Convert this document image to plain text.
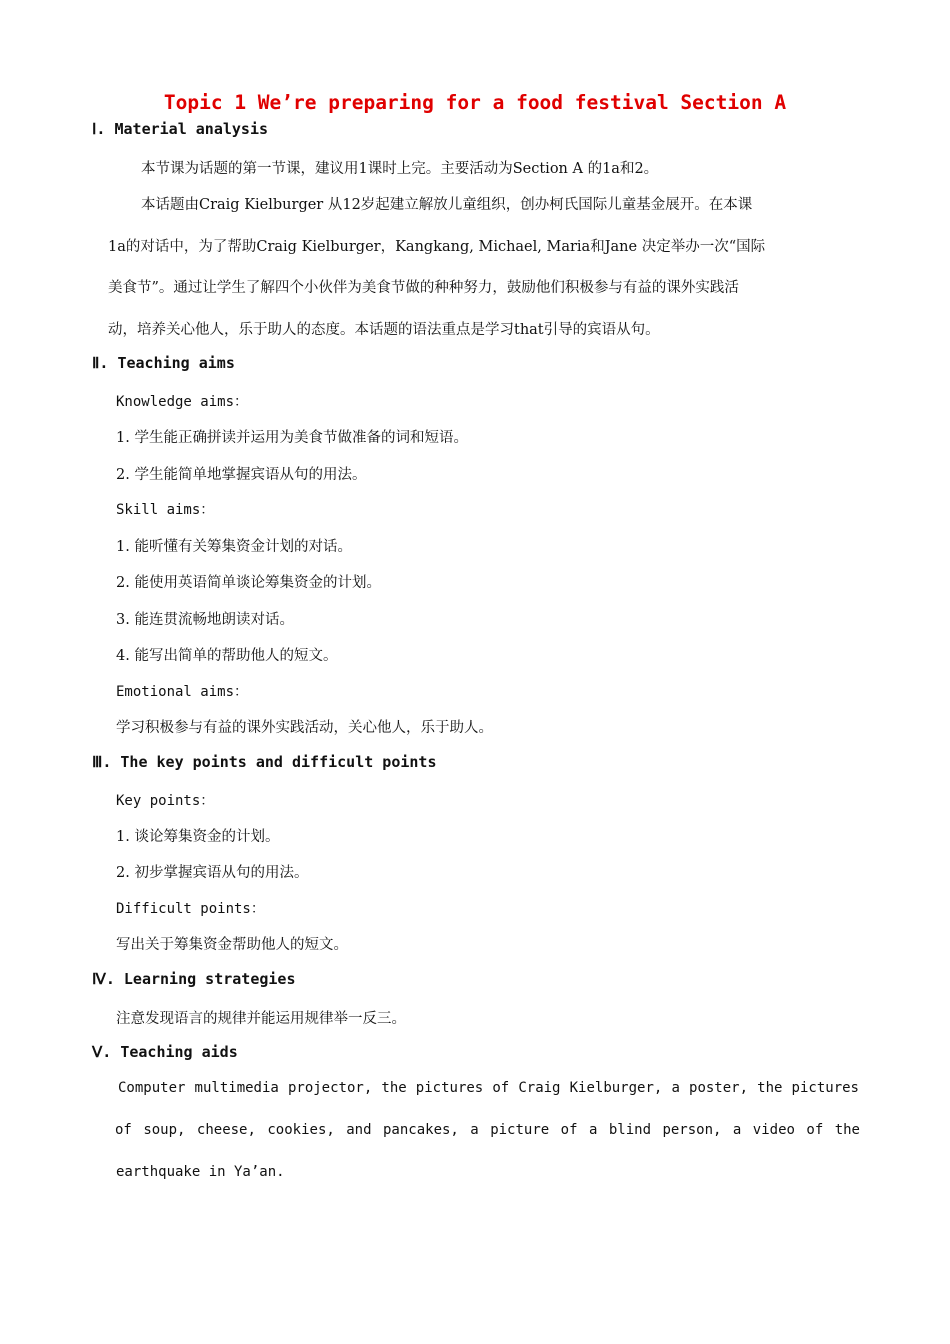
Topic 1 We’re preparing for a food festival Section A
Ⅰ. Material analysis
本节课为话题的第一节课，建议用1课时上完。主要活动为Section A 的1a和2。
本话题由Craig Kielburger 从12岁起建立解放儿童组织，创办柯氏国际儿童基金展开。在本课
1a的对话中，为了帮助Craig Kielburger，Kangkang, Michael, Maria和Jane 决定举办一次“国际
美食节”。通过让学生了解四个小伙伴为美食节做的种种努力，鼓励他们积极参与有益的课外实践活
动，培养关心他人，乐于助人的态度。本话题的语法重点是学习that引导的宾语从句。
Ⅱ. Teaching aims
Knowledge aims：
1. 学生能正确拼读并运用为美食节做准备的词和短语。
2. 学生能简单地掌握宾语从句的用法。
Skill aims：
1. 能听懂有关筹集资金计划的对话。
2. 能使用英语简单谈论筹集资金的计划。
3. 能连贯流畅地朗读对话。
4. 能写出简单的帮助他人的短文。
Emotional aims：
学习积极参与有益的课外实践活动，关心他人，乐于助人。
Ⅲ. The key points and difficult points
Key points：
1. 谈论筹集资金的计划。
2. 初步掌握宾语从句的用法。
Difficult points：
写出关于筹集资金帮助他人的短文。
Ⅳ. Learning strategies
注意发现语言的规律并能运用规律举一反三。
Ⅴ. Teaching aids
Computer multimedia projector, the pictures of Craig Kielburger, a poster, the pictures
of soup, cheese, cookies, and pancakes, a picture of a blind person, a video of the
earthquake in Ya’an.
